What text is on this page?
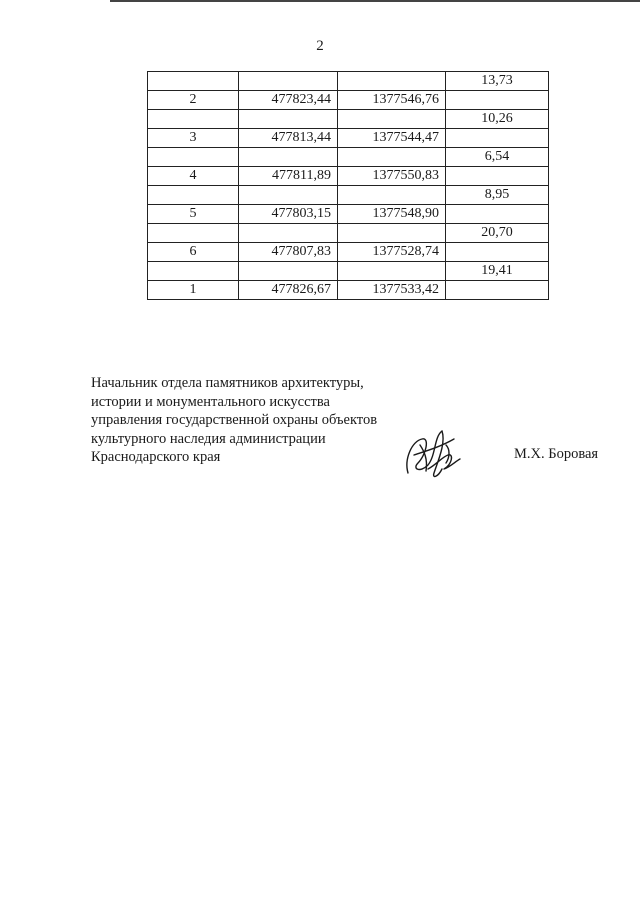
2
			13,73
2	477823,44	1377546,76	
			10,26
3	477813,44	1377544,47	
			6,54
4	477811,89	1377550,83	
			8,95
5	477803,15	1377548,90	
			20,70
6	477807,83	1377528,74	
			19,41
1	477826,67	1377533,42	
Начальник отдела памятников архитектуры,
истории и монументального искусства
управления государственной охраны объектов
культурного наследия администрации
Краснодарского края	М.Х. Боровая
